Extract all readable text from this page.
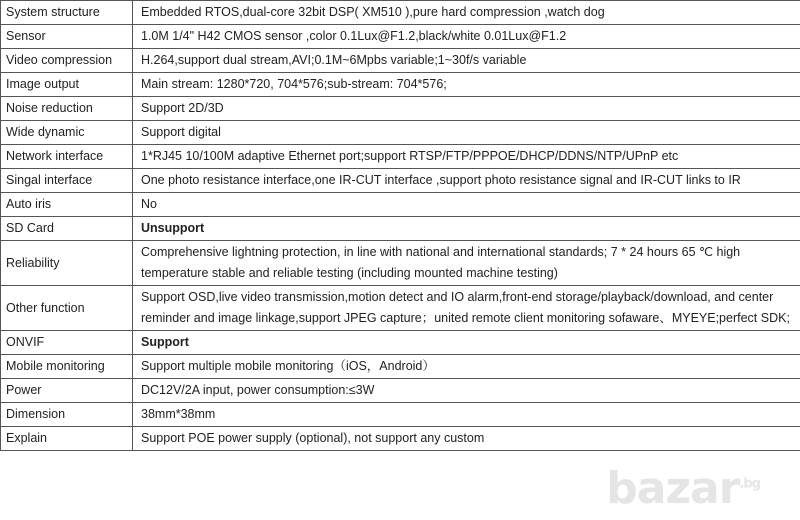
System structure	Embedded RTOS,dual-core 32bit DSP( XM510 ),pure hard compression ,watch dog
Sensor	1.0M 1/4" H42 CMOS sensor ,color 0.1Lux@F1.2,black/white 0.01Lux@F1.2
Video compression	H.264,support dual stream,AVI;0.1M~6Mpbs variable;1~30f/s variable
Image output	Main stream: 1280*720, 704*576;sub-stream: 704*576;
Noise reduction	Support 2D/3D
Wide dynamic	Support digital
Network interface	1*RJ45 10/100M adaptive Ethernet port;support RTSP/FTP/PPPOE/DHCP/DDNS/NTP/UPnP etc
Singal interface	One photo resistance interface,one IR-CUT interface ,support photo resistance signal and IR-CUT links to IR
Auto iris	No
SD Card	Unsupport
Reliability	Comprehensive lightning protection, in line with national and international standards; 7 * 24 hours 65 ℃ high
temperature stable and reliable testing (including mounted machine testing)

Other function	Support OSD,live video transmission,motion detect and IO alarm,front-end storage/playback/download, and center
reminder and image linkage,support JPEG capture；united remote client monitoring sofaware、MYEYE;perfect SDK;

ONVIF	Support
Mobile monitoring	Support multiple mobile monitoring（iOS，Android）
Power	DC12V/2A input, power consumption:≤3W
Dimension	38mm*38mm
Explain	Support POE power supply (optional), not support any custom
bazar$^{.bg}$
